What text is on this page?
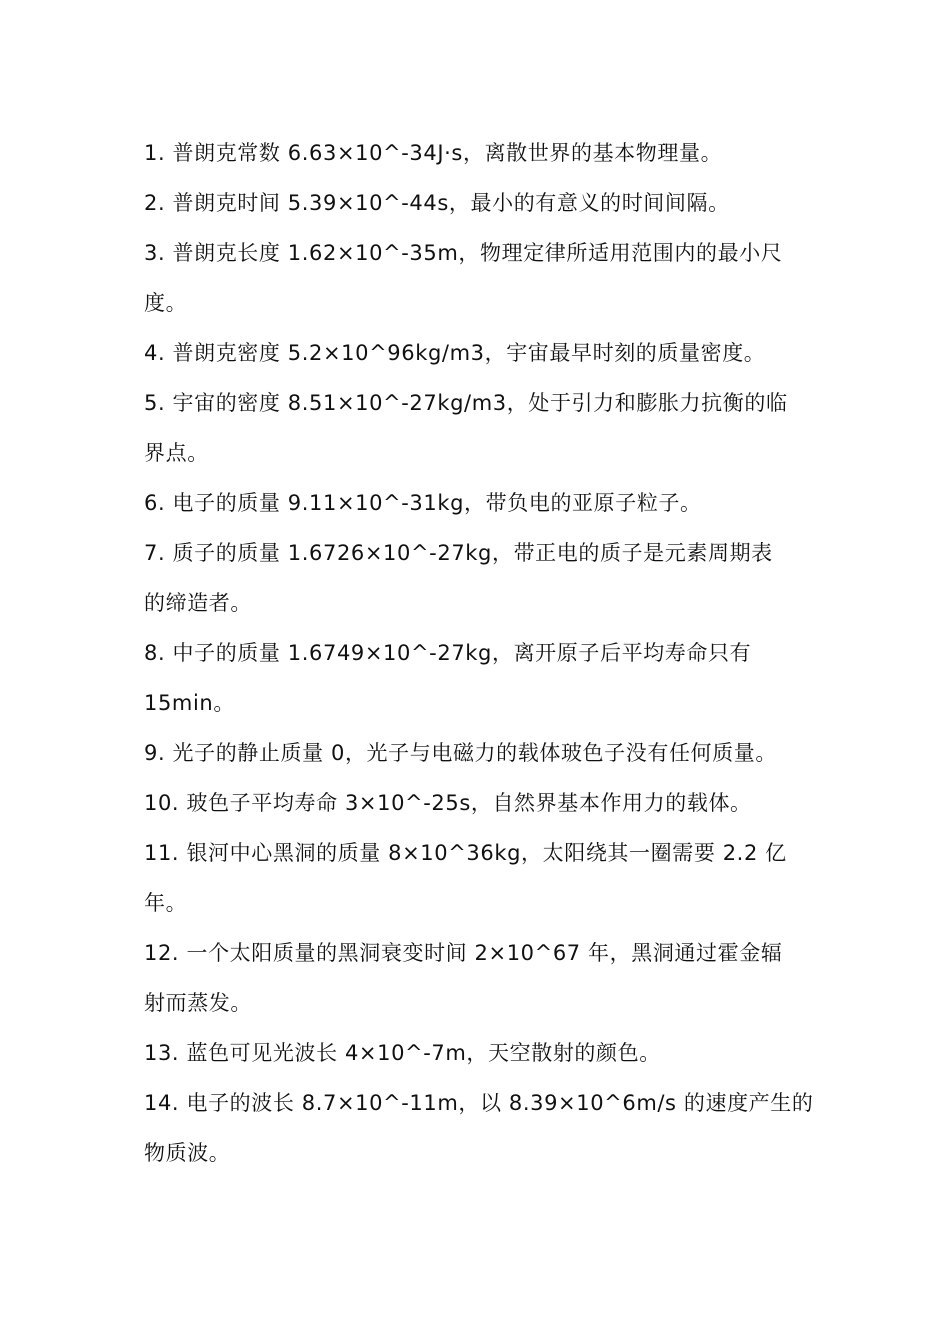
1. 普朗克常数 6.63×10^-34J·s，离散世界的基本物理量。
2. 普朗克时间 5.39×10^-44s，最小的有意义的时间间隔。
3. 普朗克长度 1.62×10^-35m，物理定律所适用范围内的最小尺
度。
4. 普朗克密度 5.2×10^96kg/m3，宇宙最早时刻的质量密度。
5. 宇宙的密度 8.51×10^-27kg/m3，处于引力和膨胀力抗衡的临
界点。
6. 电子的质量 9.11×10^-31kg，带负电的亚原子粒子。
7. 质子的质量 1.6726×10^-27kg，带正电的质子是元素周期表
的缔造者。
8. 中子的质量 1.6749×10^-27kg，离开原子后平均寿命只有
15min。
9. 光子的静止质量 0，光子与电磁力的载体玻色子没有任何质量。
10. 玻色子平均寿命 3×10^-25s，自然界基本作用力的载体。
11. 银河中心黑洞的质量 8×10^36kg，太阳绕其一圈需要 2.2 亿
年。
12. 一个太阳质量的黑洞衰变时间 2×10^67 年，黑洞通过霍金辐
射而蒸发。
13. 蓝色可见光波长 4×10^-7m，天空散射的颜色。
14. 电子的波长 8.7×10^-11m，以 8.39×10^6m/s 的速度产生的
物质波。
